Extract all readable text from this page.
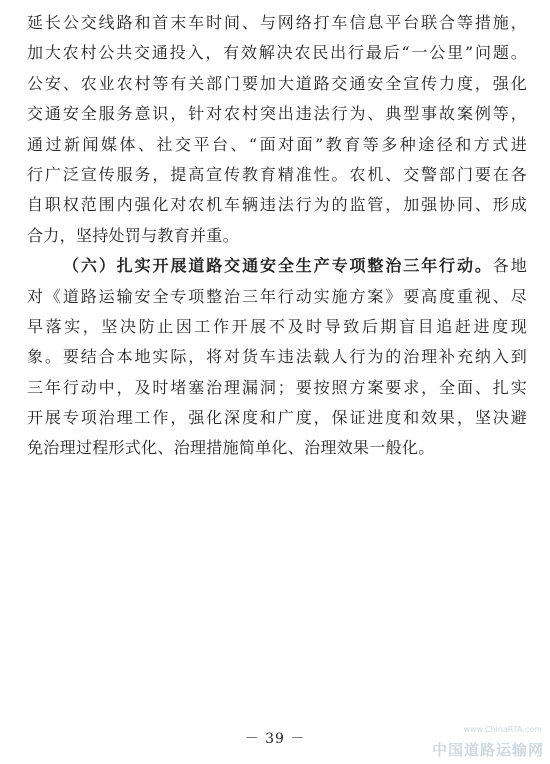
延长公交线路和首末车时间、与网络打车信息平台联合等措施，
加大农村公共交通投入，有效解决农民出行最后“一公里”问题。
公安、农业农村等有关部门要加大道路交通安全宣传力度，强化
交通安全服务意识，针对农村突出违法行为、典型事故案例等，
通过新闻媒体、社交平台、“面对面”教育等多种途径和方式进
行广泛宣传服务，提高宣传教育精准性。农机、交警部门要在各
自职权范围内强化对农机车辆违法行为的监管，加强协同、形成
合力，坚持处罚与教育并重。
（六）扎实开展道路交通安全生产专项整治三年行动。各地
对《道路运输安全专项整治三年行动实施方案》要高度重视、尽
早落实，坚决防止因工作开展不及时导致后期盲目追赶进度现
象。要结合本地实际，将对货车违法载人行为的治理补充纳入到
三年行动中，及时堵塞治理漏洞；要按照方案要求，全面、扎实
开展专项治理工作，强化深度和广度，保证进度和效果，坚决避
免治理过程形式化、治理措施简单化、治理效果一般化。
－ 39 －
www.ChinaRTA.com
中国道路运输网
